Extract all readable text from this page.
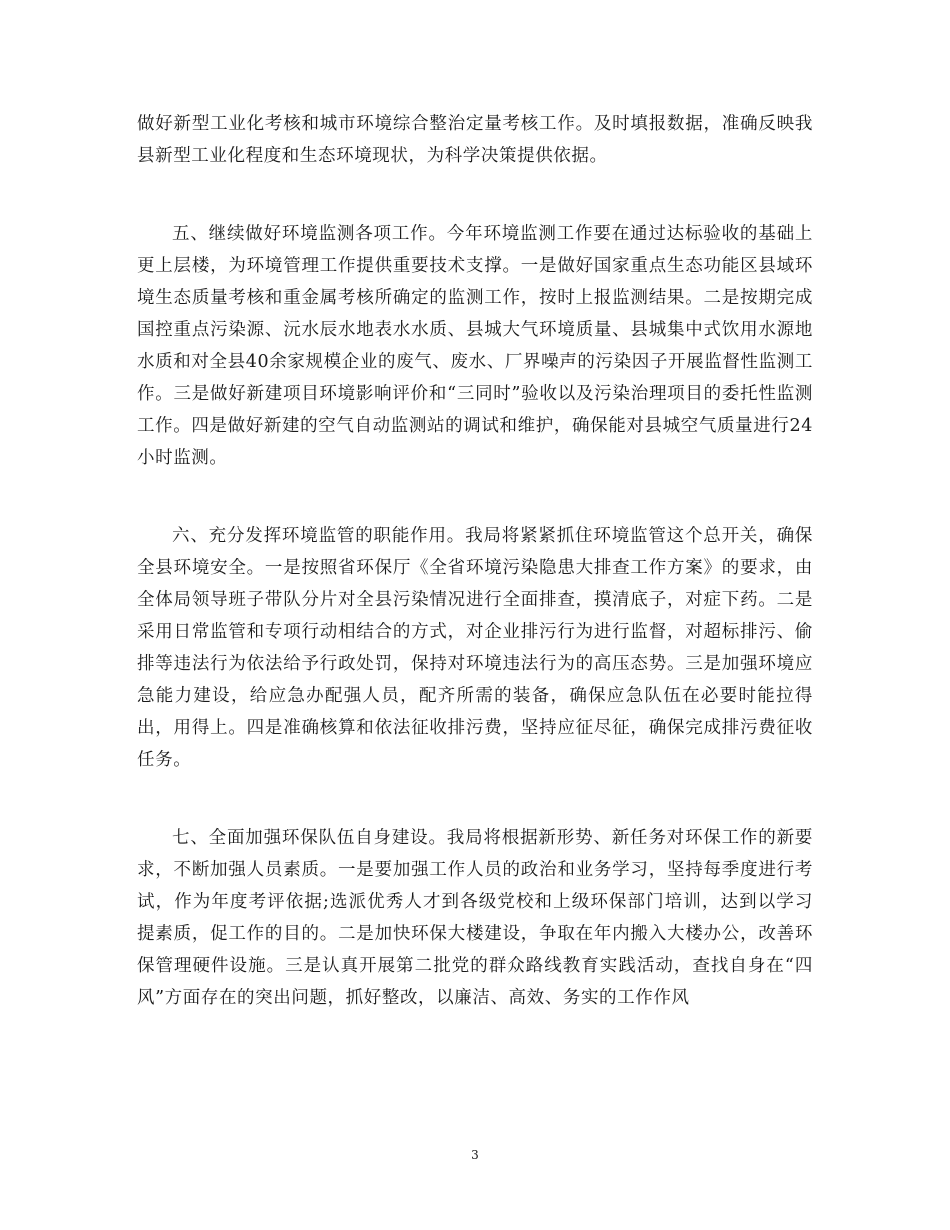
做好新型工业化考核和城市环境综合整治定量考核工作。及时填报数据，准确反映我县新型工业化程度和生态环境现状，为科学决策提供依据。

五、继续做好环境监测各项工作。今年环境监测工作要在通过达标验收的基础上更上层楼，为环境管理工作提供重要技术支撑。一是做好国家重点生态功能区县域环境生态质量考核和重金属考核所确定的监测工作，按时上报监测结果。二是按期完成国控重点污染源、沅水辰水地表水水质、县城大气环境质量、县城集中式饮用水源地水质和对全县40余家规模企业的废气、废水、厂界噪声的污染因子开展监督性监测工作。三是做好新建项目环境影响评价和“三同时”验收以及污染治理项目的委托性监测工作。四是做好新建的空气自动监测站的调试和维护，确保能对县城空气质量进行24小时监测。

六、充分发挥环境监管的职能作用。我局将紧紧抓住环境监管这个总开关，确保全县环境安全。一是按照省环保厅《全省环境污染隐患大排查工作方案》的要求，由全体局领导班子带队分片对全县污染情况进行全面排查，摸清底子，对症下药。二是采用日常监管和专项行动相结合的方式，对企业排污行为进行监督，对超标排污、偷排等违法行为依法给予行政处罚，保持对环境违法行为的高压态势。三是加强环境应急能力建设，给应急办配强人员，配齐所需的装备，确保应急队伍在必要时能拉得出，用得上。四是准确核算和依法征收排污费，坚持应征尽征，确保完成排污费征收任务。

七、全面加强环保队伍自身建设。我局将根据新形势、新任务对环保工作的新要求，不断加强人员素质。一是要加强工作人员的政治和业务学习，坚持每季度进行考试，作为年度考评依据;选派优秀人才到各级党校和上级环保部门培训，达到以学习提素质，促工作的目的。二是加快环保大楼建设，争取在年内搬入大楼办公，改善环保管理硬件设施。三是认真开展第二批党的群众路线教育实践活动，查找自身在“四风”方面存在的突出问题，抓好整改，以廉洁、高效、务实的工作作风

3
